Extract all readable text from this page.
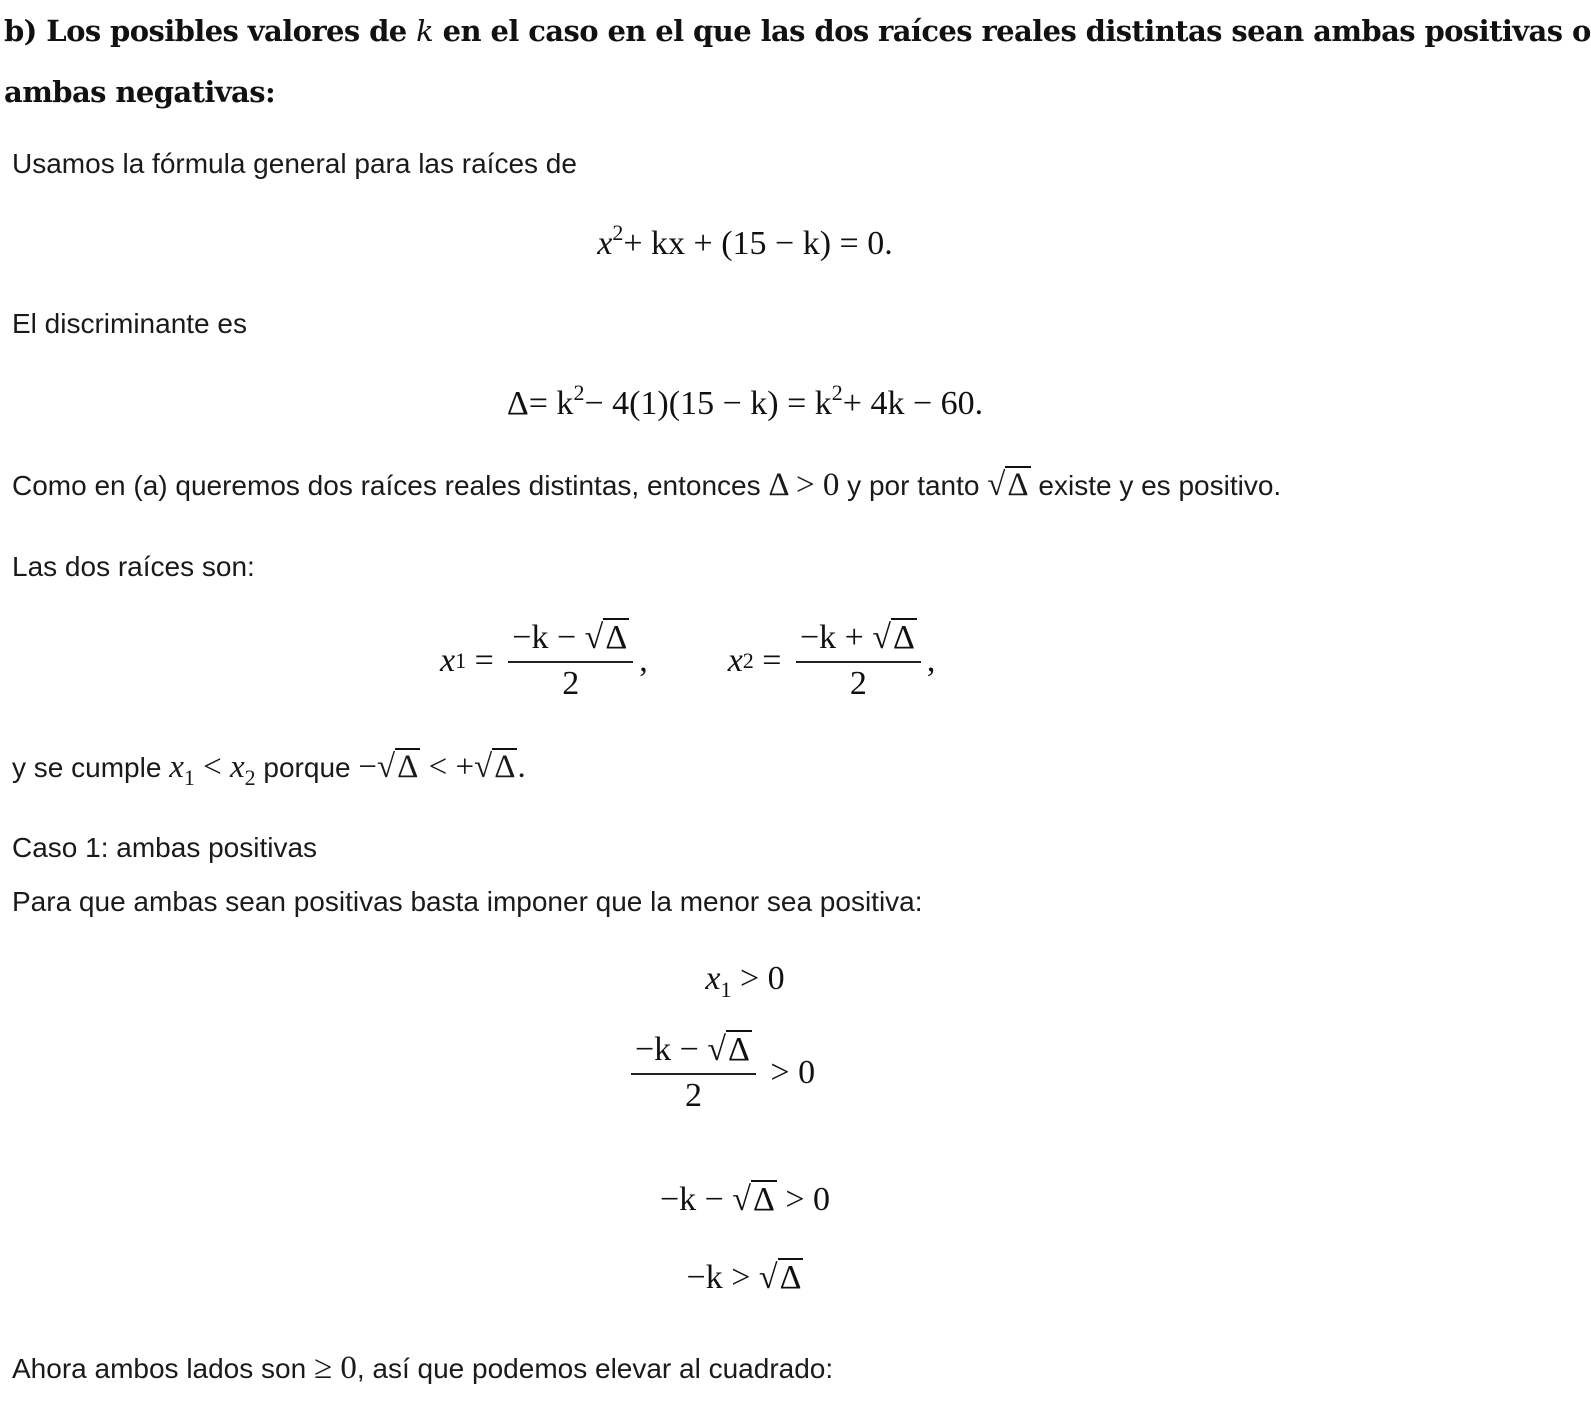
b) Los posibles valores de k en el caso en el que las dos raíces reales distintas sean ambas positivas o
ambas negativas:
Usamos la fórmula general para las raíces de
$x^2+$ kx + (15 − k) = 0.
El discriminante es
$\Delta= k^2- 4(1)(15 - k) = k^2+ 4k - 60$.
Como en (a) queremos dos raíces reales distintas, entonces Δ > 0 y por tanto √Δ existe y es positivo.
Las dos raíces son:
x $1 = \frac{-k - √\Delta}{2}$ , x $2 = \frac{-k + √\Delta}{2}$ ,
y se cumple $x_1 < x_2$ porque −√Δ < +√Δ.
Caso 1: ambas positivas
Para que ambas sean positivas basta imponer que la menor sea positiva:
$x_1 > 0$
$\frac{-k - √\Delta}{2} > 0$
−k − √Δ > 0
−k > √Δ
Ahora ambos lados son ≥ 0, así que podemos elevar al cuadrado:
